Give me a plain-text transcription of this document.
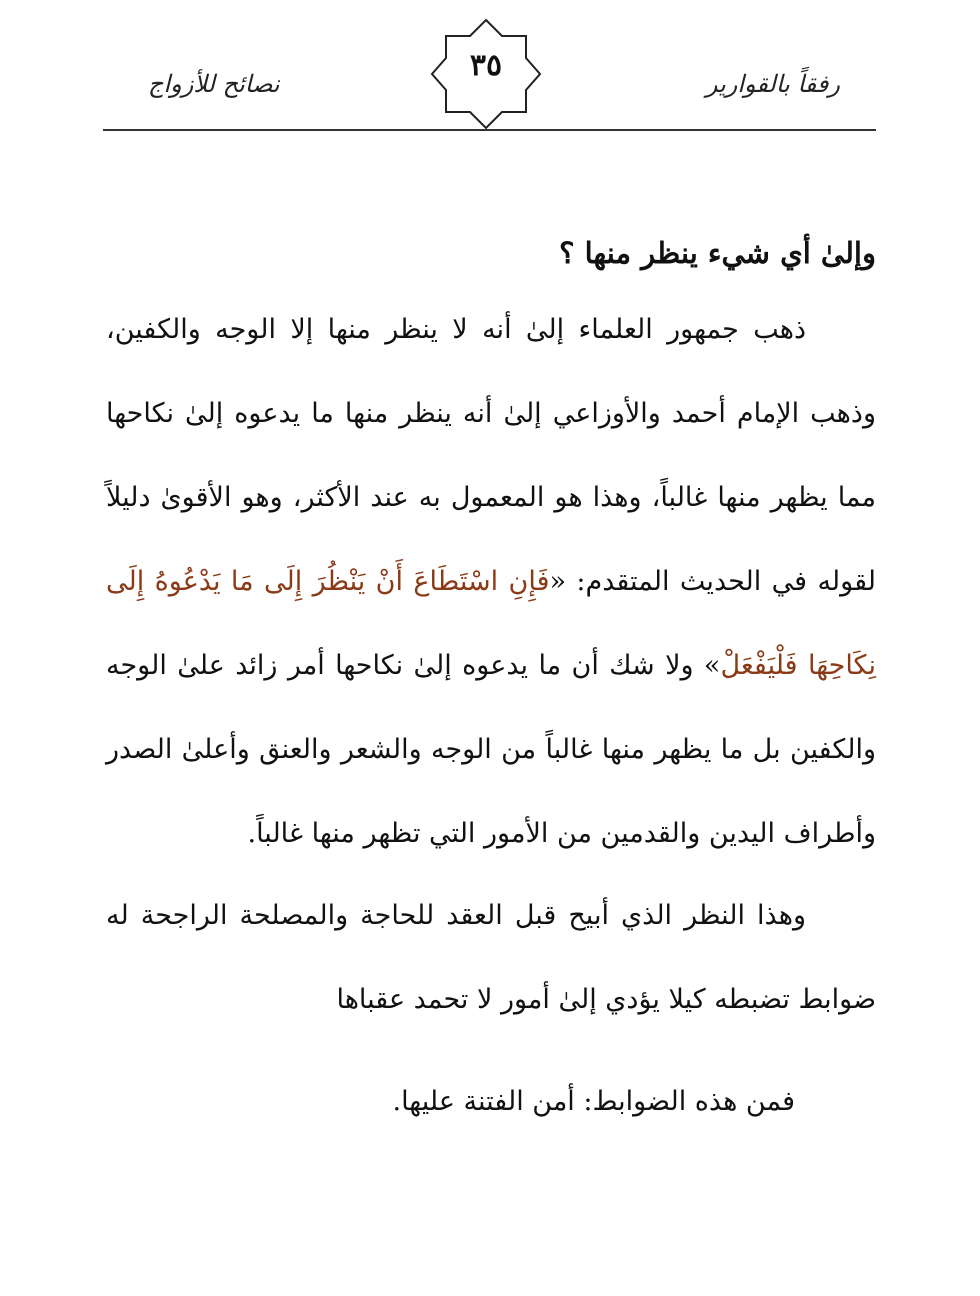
رفقاً بالقوارير
نصائح للأزواج
٣٥
وإلىٰ أي شيء ينظر منها ؟
ذهب جمهور العلماء إلىٰ أنه لا ينظر منها إلا الوجه والكفين، وذهب الإمام أحمد والأوزاعي إلىٰ أنه ينظر منها ما يدعوه إلىٰ نكاحها مما يظهر منها غالباً، وهذا هو المعمول به عند الأكثر، وهو الأقوىٰ دليلاً لقوله في الحديث المتقدم: «فَإِنِ اسْتَطَاعَ أَنْ يَنْظُرَ إِلَى مَا يَدْعُوهُ إِلَى نِكَاحِهَا فَلْيَفْعَلْ» ولا شك أن ما يدعوه إلىٰ نكاحها أمر زائد علىٰ الوجه والكفين بل ما يظهر منها غالباً من الوجه والشعر والعنق وأعلىٰ الصدر وأطراف اليدين والقدمين من الأمور التي تظهر منها غالباً.
وهذا النظر الذي أبيح قبل العقد للحاجة والمصلحة الراجحة له ضوابط تضبطه كيلا يؤدي إلىٰ أمور لا تحمد عقباها
فمن هذه الضوابط: أمن الفتنة عليها.
